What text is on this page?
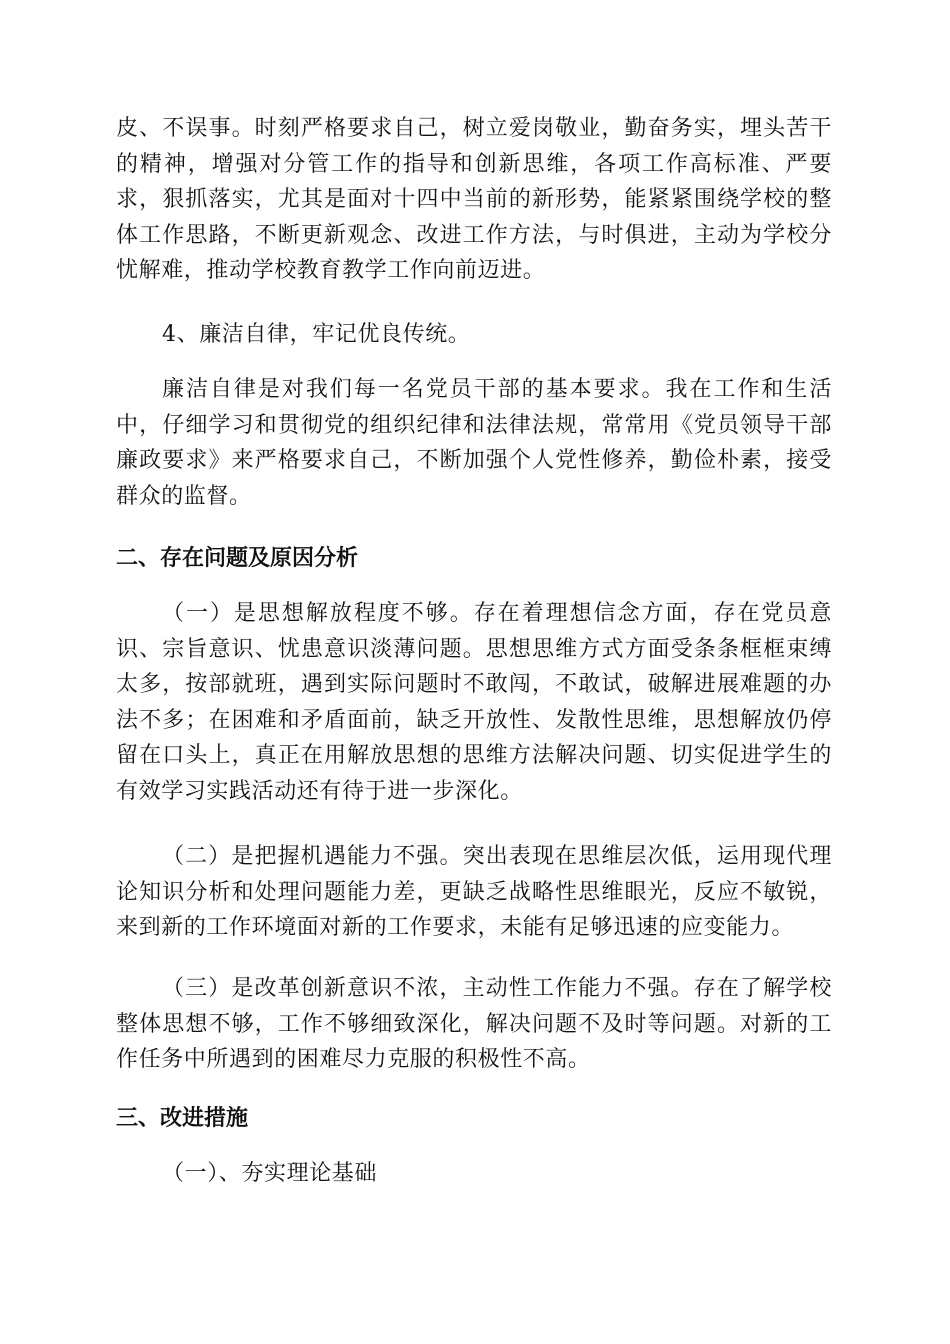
皮、不误事。时刻严格要求自己，树立爱岗敬业，勤奋务实，埋头苦干的精神，增强对分管工作的指导和创新思维，各项工作高标准、严要求，狠抓落实，尤其是面对十四中当前的新形势，能紧紧围绕学校的整体工作思路，不断更新观念、改进工作方法，与时俱进，主动为学校分忧解难，推动学校教育教学工作向前迈进。

4、廉洁自律，牢记优良传统。

廉洁自律是对我们每一名党员干部的基本要求。我在工作和生活中，仔细学习和贯彻党的组织纪律和法律法规，常常用《党员领导干部廉政要求》来严格要求自己，不断加强个人党性修养，勤俭朴素，接受群众的监督。

二、存在问题及原因分析

（一）是思想解放程度不够。存在着理想信念方面，存在党员意识、宗旨意识、忧患意识淡薄问题。思想思维方式方面受条条框框束缚太多，按部就班，遇到实际问题时不敢闯，不敢试，破解进展难题的办法不多；在困难和矛盾面前，缺乏开放性、发散性思维，思想解放仍停留在口头上，真正在用解放思想的思维方法解决问题、切实促进学生的有效学习实践活动还有待于进一步深化。

（二）是把握机遇能力不强。突出表现在思维层次低，运用现代理论知识分析和处理问题能力差，更缺乏战略性思维眼光，反应不敏锐，来到新的工作环境面对新的工作要求，未能有足够迅速的应变能力。

（三）是改革创新意识不浓，主动性工作能力不强。存在了解学校整体思想不够，工作不够细致深化，解决问题不及时等问题。对新的工作任务中所遇到的困难尽力克服的积极性不高。

三、改进措施

（一）、夯实理论基础
